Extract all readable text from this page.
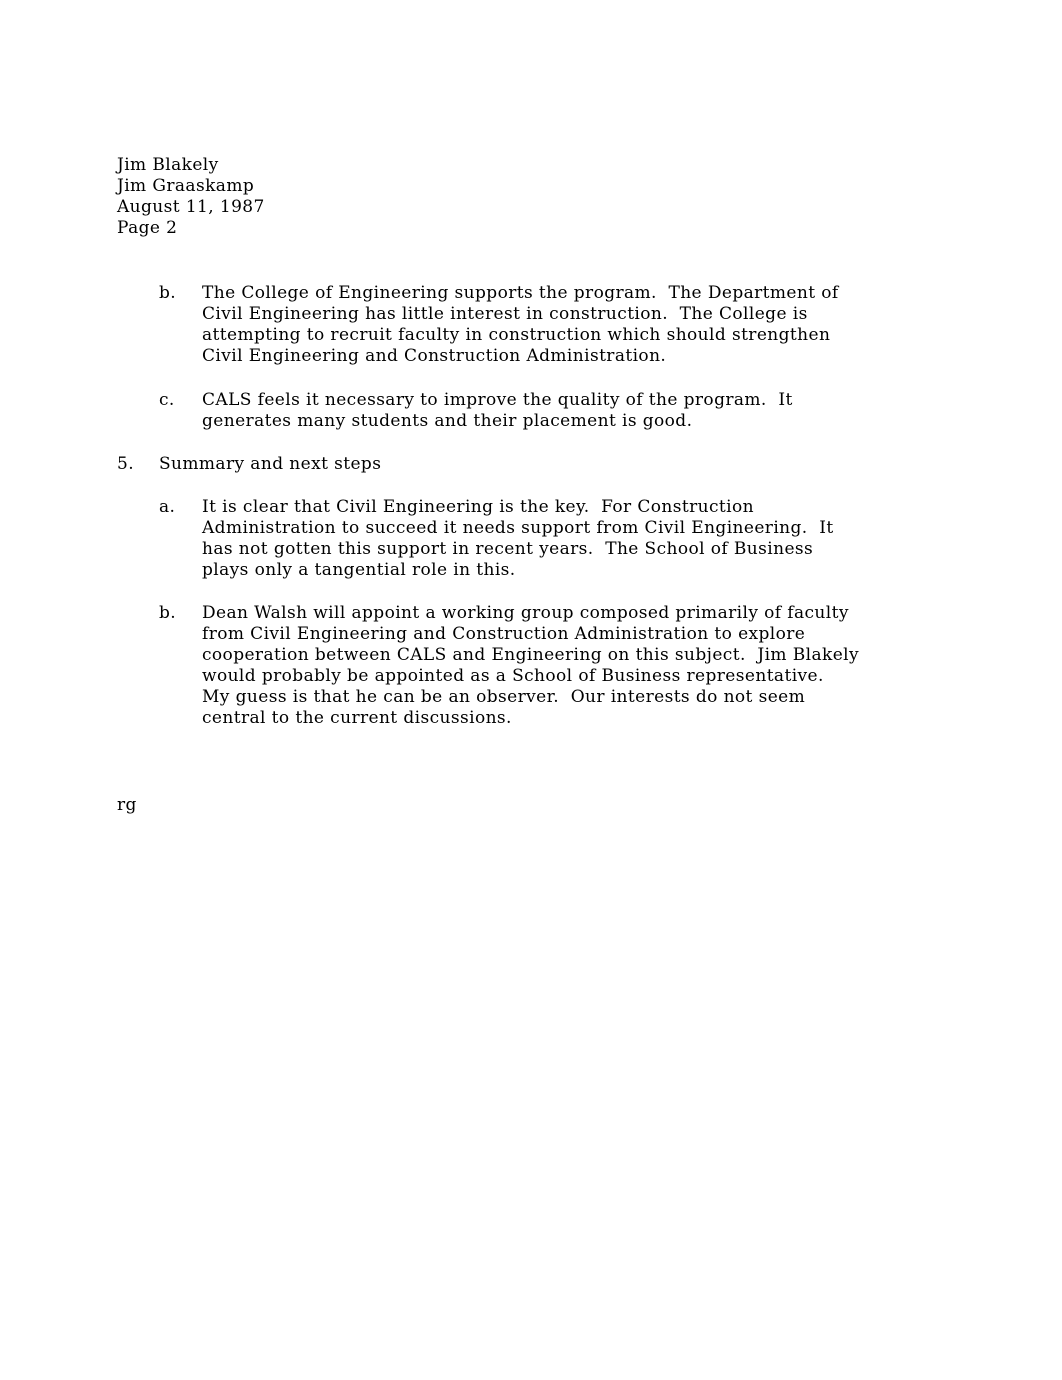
Jim Blakely

Jim Graaskamp

August 11, 1987

Page 2

b. The College of Engineering supports the program.  The Department of

Civil Engineering has little interest in construction.  The College is

attempting to recruit faculty in construction which should strengthen

Civil Engineering and Construction Administration.

c. CALS feels it necessary to improve the quality of the program.  It

generates many students and their placement is good.

5. Summary and next steps

a. It is clear that Civil Engineering is the key.  For Construction

Administration to succeed it needs support from Civil Engineering.  It

has not gotten this support in recent years.  The School of Business

plays only a tangential role in this.

b. Dean Walsh will appoint a working group composed primarily of faculty

from Civil Engineering and Construction Administration to explore

cooperation between CALS and Engineering on this subject.  Jim Blakely

would probably be appointed as a School of Business representative.

My guess is that he can be an observer.  Our interests do not seem

central to the current discussions.

rg
